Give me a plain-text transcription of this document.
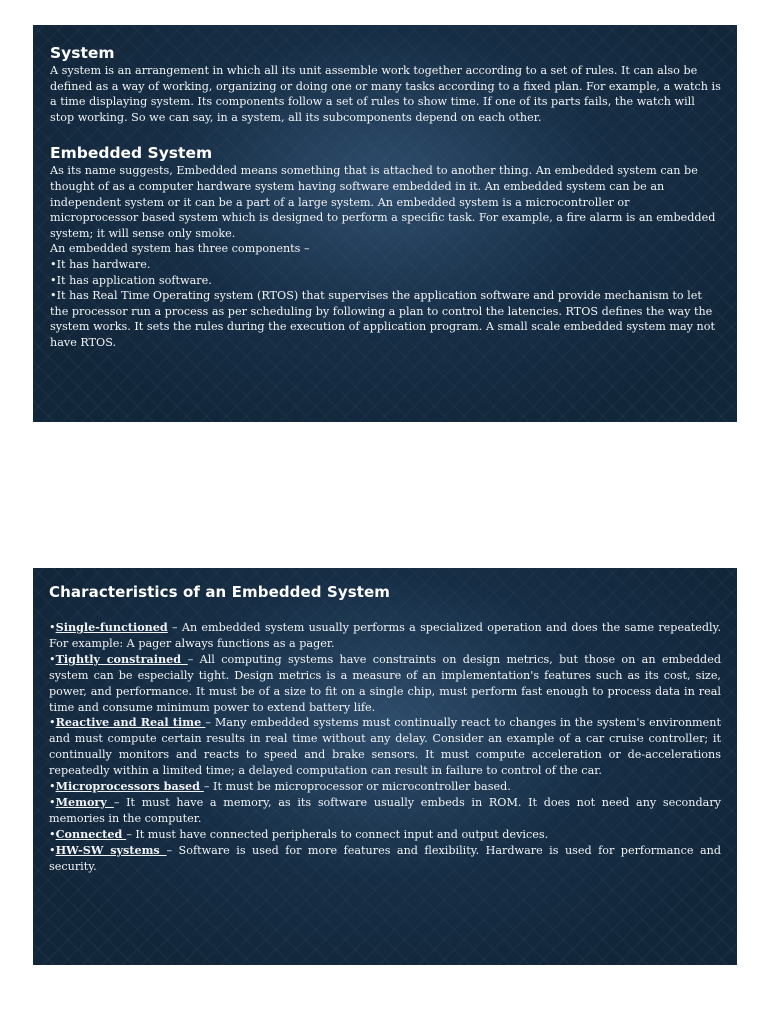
System

A system is an arrangement in which all its unit assemble work together according to a set of rules. It can also be defined as a way of working, organizing or doing one or many tasks according to a fixed plan. For example, a watch is a time displaying system. Its components follow a set of rules to show time. If one of its parts fails, the watch will stop working. So we can say, in a system, all its subcomponents depend on each other.

Embedded System

As its name suggests, Embedded means something that is attached to another thing. An embedded system can be thought of as a computer hardware system having software embedded in it. An embedded system can be an independent system or it can be a part of a large system. An embedded system is a microcontroller or microprocessor based system which is designed to perform a specific task. For example, a fire alarm is an embedded system; it will sense only smoke.

An embedded system has three components –

•It has hardware.

•It has application software.

•It has Real Time Operating system (RTOS) that supervises the application software and provide mechanism to let the processor run a process as per scheduling by following a plan to control the latencies. RTOS defines the way the system works. It sets the rules during the execution of application program. A small scale embedded system may not have RTOS.

Characteristics of an Embedded System

•Single-functioned – An embedded system usually performs a specialized operation and does the same repeatedly. For example: A pager always functions as a pager.

•Tightly constrained – All computing systems have constraints on design metrics, but those on an embedded system can be especially tight. Design metrics is a measure of an implementation's features such as its cost, size, power, and performance. It must be of a size to fit on a single chip, must perform fast enough to process data in real time and consume minimum power to extend battery life.

•Reactive and Real time – Many embedded systems must continually react to changes in the system's environment and must compute certain results in real time without any delay. Consider an example of a car cruise controller; it continually monitors and reacts to speed and brake sensors. It must compute acceleration or de-accelerations repeatedly within a limited time; a delayed computation can result in failure to control of the car.

•Microprocessors based – It must be microprocessor or microcontroller based.

•Memory – It must have a memory, as its software usually embeds in ROM. It does not need any secondary memories in the computer.

•Connected – It must have connected peripherals to connect input and output devices.

•HW-SW systems – Software is used for more features and flexibility. Hardware is used for performance and security.
